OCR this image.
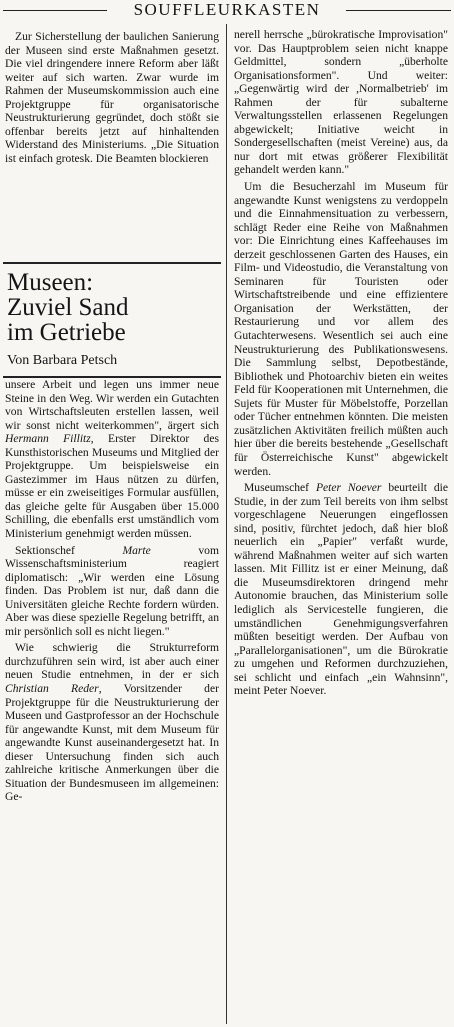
SOUFFLEURKASTEN

Zur Sicherstellung der baulichen Sanierung der Museen sind erste Maßnahmen gesetzt. Die viel dringendere innere Reform aber läßt weiter auf sich warten. Zwar wurde im Rahmen der Museumskommission auch eine Projektgruppe für organisatorische Neustrukturierung gegründet, doch stößt sie offenbar bereits jetzt auf hinhaltenden Widerstand des Ministeriums. „Die Situation ist einfach grotesk. Die Beamten blockieren

Museen:
Zuviel Sand
im Getriebe
Von Barbara Petsch

unsere Arbeit und legen uns immer neue Steine in den Weg. Wir werden ein Gutachten von Wirtschaftsleuten erstellen lassen, weil wir sonst nicht weiterkommen", ärgert sich Hermann Fillitz, Erster Direktor des Kunsthistorischen Museums und Mitglied der Projektgruppe. Um beispielsweise ein Gastezimmer im Haus nützen zu dürfen, müsse er ein zweiseitiges Formular ausfüllen, das gleiche gelte für Ausgaben über 15.000 Schilling, die ebenfalls erst umständlich vom Ministerium genehmigt werden müssen.

Sektionschef Marte vom Wissenschaftsministerium reagiert diplomatisch: „Wir werden eine Lösung finden. Das Problem ist nur, daß dann die Universitäten gleiche Rechte fordern würden. Aber was diese spezielle Regelung betrifft, an mir persönlich soll es nicht liegen."

Wie schwierig die Strukturreform durchzuführen sein wird, ist aber auch einer neuen Studie entnehmen, in der er sich Christian Reder, Vorsitzender der Projektgruppe für die Neustrukturierung der Museen und Gastprofessor an der Hochschule für angewandte Kunst, mit dem Museum für angewandte Kunst auseinandergesetzt hat. In dieser Untersuchung finden sich auch zahlreiche kritische Anmerkungen über die Situation der Bundesmuseen im allgemeinen: Ge-

nerell herrsche „bürokratische Improvisation" vor. Das Hauptproblem seien nicht knappe Geldmittel, sondern „überholte Organisationsformen". Und weiter: „Gegenwärtig wird der ,Normalbetrieb' im Rahmen der für subalterne Verwaltungsstellen erlassenen Regelungen abgewickelt; Initiative weicht in Sondergesellschaften (meist Vereine) aus, da nur dort mit etwas größerer Flexibilität gehandelt werden kann."

Um die Besucherzahl im Museum für angewandte Kunst wenigstens zu verdoppeln und die Einnahmensituation zu verbessern, schlägt Reder eine Reihe von Maßnahmen vor: Die Einrichtung eines Kaffeehauses im derzeit geschlossenen Garten des Hauses, ein Film- und Videostudio, die Veranstaltung von Seminaren für Touristen oder Wirtschaftstreibende und eine effizientere Organisation der Werkstätten, der Restaurierung und vor allem des Gutachterwesens. Wesentlich sei auch eine Neustrukturierung des Publikationswesens. Die Sammlung selbst, Depotbestände, Bibliothek und Photoarchiv bieten ein weites Feld für Kooperationen mit Unternehmen, die Sujets für Muster für Möbelstoffe, Porzellan oder Tücher entnehmen könnten. Die meisten zusätzlichen Aktivitäten freilich müßten auch hier über die bereits bestehende „Gesellschaft für Österreichische Kunst" abgewickelt werden.

Museumschef Peter Noever beurteilt die Studie, in der zum Teil bereits von ihm selbst vorgeschlagene Neuerungen eingeflossen sind, positiv, fürchtet jedoch, daß hier bloß neuerlich ein „Papier" verfaßt wurde, während Maßnahmen weiter auf sich warten lassen. Mit Fillitz ist er einer Meinung, daß die Museumsdirektoren dringend mehr Autonomie brauchen, das Ministerium solle lediglich als Servicestelle fungieren, die umständlichen Genehmigungsverfahren müßten beseitigt werden. Der Aufbau von „Parallelorganisationen", um die Bürokratie zu umgehen und Reformen durchzuziehen, sei schlicht und einfach „ein Wahnsinn", meint Peter Noever.
